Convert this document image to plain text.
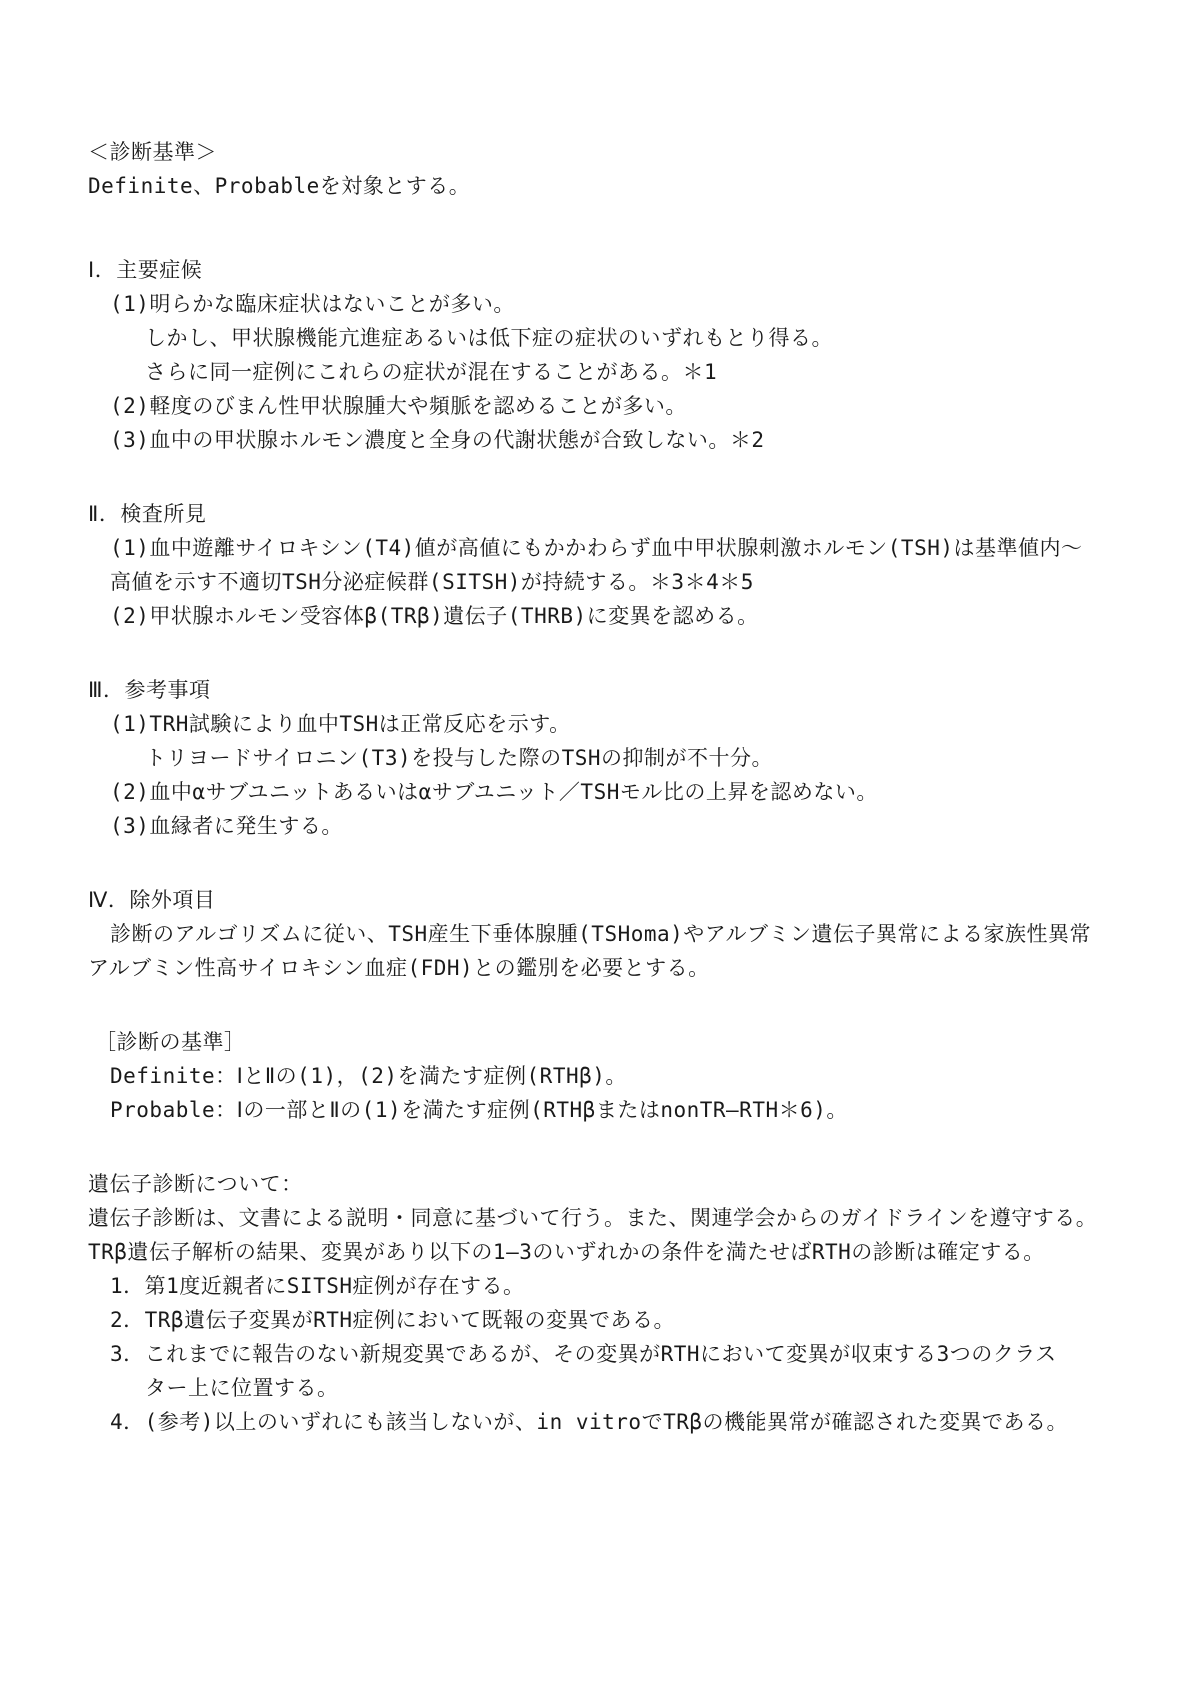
＜診断基準＞
Definite、Probableを対象とする。
Ⅰ．主要症候
(1)明らかな臨床症状はないことが多い。
しかし、甲状腺機能亢進症あるいは低下症の症状のいずれもとり得る。
さらに同一症例にこれらの症状が混在することがある。＊1
(2)軽度のびまん性甲状腺腫大や頻脈を認めることが多い。
(3)血中の甲状腺ホルモン濃度と全身の代謝状態が合致しない。＊2
Ⅱ．検査所見
(1)血中遊離サイロキシン(T4)値が高値にもかかわらず血中甲状腺刺激ホルモン(TSH)は基準値内～
高値を示す不適切TSH分泌症候群(SITSH)が持続する。＊3＊4＊5
(2)甲状腺ホルモン受容体β(TRβ)遺伝子(THRB)に変異を認める。
Ⅲ．参考事項
(1)TRH試験により血中TSHは正常反応を示す。
トリヨードサイロニン(T3)を投与した際のTSHの抑制が不十分。
(2)血中αサブユニットあるいはαサブユニット／TSHモル比の上昇を認めない。
(3)血縁者に発生する。
Ⅳ．除外項目
診断のアルゴリズムに従い、TSH産生下垂体腺腫(TSHoma)やアルブミン遺伝子異常による家族性異常
アルブミン性高サイロキシン血症(FDH)との鑑別を必要とする。
［診断の基準］
Definite：ⅠとⅡの(1)，(2)を満たす症例(RTHβ)。
Probable：Ⅰの一部とⅡの(1)を満たす症例(RTHβまたはnonTR―RTH＊6)。
遺伝子診断について：
遺伝子診断は、文書による説明・同意に基づいて行う。また、関連学会からのガイドラインを遵守する。
TRβ遺伝子解析の結果、変異があり以下の1―3のいずれかの条件を満たせばRTHの診断は確定する。
1．第1度近親者にSITSH症例が存在する。
2．TRβ遺伝子変異がRTH症例において既報の変異である。
3．これまでに報告のない新規変異であるが、その変異がRTHにおいて変異が収束する3つのクラス
ター上に位置する。
4．(参考)以上のいずれにも該当しないが、in vitroでTRβの機能異常が確認された変異である。
